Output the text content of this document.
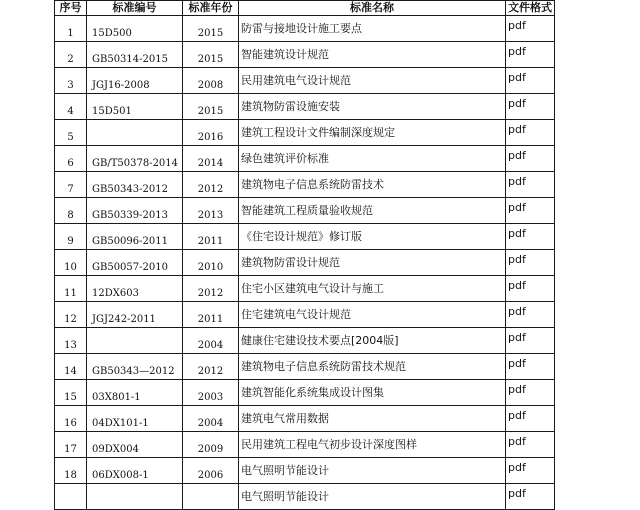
序号	标准编号	标准年份	标准名称	文件格式
1	15D500	2015	防雷与接地设计施工要点	pdf
2	GB50314-2015	2015	智能建筑设计规范	pdf
3	JGJ16-2008	2008	民用建筑电气设计规范	pdf
4	15D501	2015	建筑物防雷设施安装	pdf
5		2016	建筑工程设计文件编制深度规定	pdf
6	GB/T50378-2014	2014	绿色建筑评价标准	pdf
7	GB50343-2012	2012	建筑物电子信息系统防雷技术	pdf
8	GB50339-2013	2013	智能建筑工程质量验收规范	pdf
9	GB50096-2011	2011	《住宅设计规范》修订版	pdf
10	GB50057-2010	2010	建筑物防雷设计规范	pdf
11	12DX603	2012	住宅小区建筑电气设计与施工	pdf
12	JGJ242-2011	2011	住宅建筑电气设计规范	pdf
13		2004	健康住宅建设技术要点[2004版]	pdf
14	GB50343—2012	2012	建筑物电子信息系统防雷技术规范	pdf
15	03X801-1	2003	建筑智能化系统集成设计图集	pdf
16	04DX101-1	2004	建筑电气常用数据	pdf
17	09DX004	2009	民用建筑工程电气初步设计深度图样	pdf
18	06DX008-1	2006	电气照明节能设计	pdf
			电气照明节能设计	pdf
